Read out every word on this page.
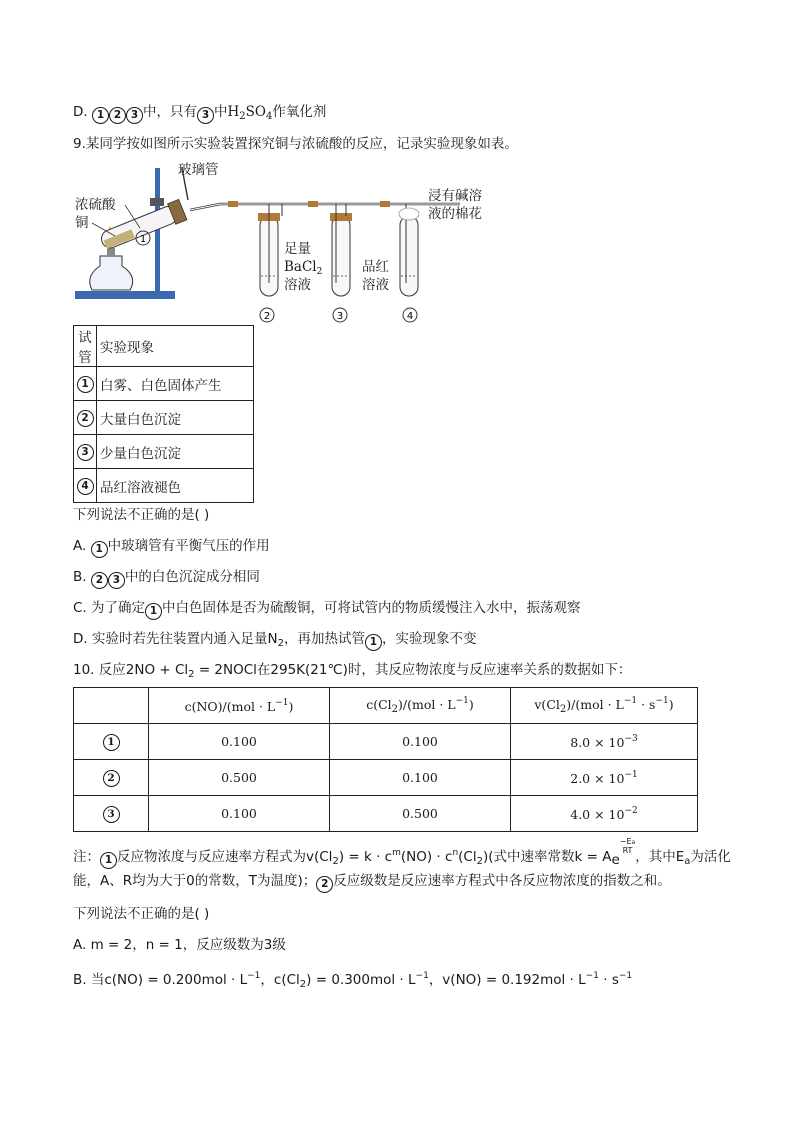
D. 1 2 3 中，只有 3 中$H_2SO_4$作氧化剂
9.某同学按如图所示实验装置探究铜与浓硫酸的反应，记录实验现象如表。
玻璃管
浓硫酸
铜
浸有碱溶
液的棉花
足量
BaCl$_2$
溶液
品红
溶液
1
2	3	4
试管	实验现象
1	白雾、白色固体产生
2	大量白色沉淀
3	少量白色沉淀
4	品红溶液褪色
下列说法不正确的是( )
A. 1 中玻璃管有平衡气压的作用
B. 2 3 中的白色沉淀成分相同
C. 为了确定 1 中白色固体是否为硫酸铜，可将试管内的物质缓慢注入水中，振荡观察
D. 实验时若先往装置内通入足量$N_2$，再加热试管 1 ，实验现象不变
10. 反应$2NO + Cl_2$ = 2NOCl在295K(21℃)时，其反应物浓度与反应速率关系的数据如下：
	$c(NO)/(mol \cdot L^{-1})$	$c(Cl_2)/(mol \cdot L^{-1})$	$v(Cl_2)/(mol \cdot L^{-1} \cdot s^{-1})$
1	0.100	0.100	$8.0 \times 10^{-3}$
2	0.500	0.100	$2.0 \times 10^{-1}$
3	0.100	0.500	$4.0 \times 10^{-2}$
注： 1 反应物浓度与反应速率方程式为$v(Cl_2) = k \cdot c^m(NO) \cdot c^n(Cl_2)$(式中速率常数k = Ae−Ea
RT ，其中$E_a$为活化
能，A、R均为大于0的常数，T为温度)； 2 反应级数是反应速率方程式中各反应物浓度的指数之和。
下列说法不正确的是( )
A. m = 2，n = 1，反应级数为3级
B. 当$c(NO) = 0.200mol \cdot L^{-1}$，$c(Cl_2) = 0.300mol \cdot L^{-1}$，$v(NO) = 0.192mol \cdot L^{-1} \cdot s^{-1}$
